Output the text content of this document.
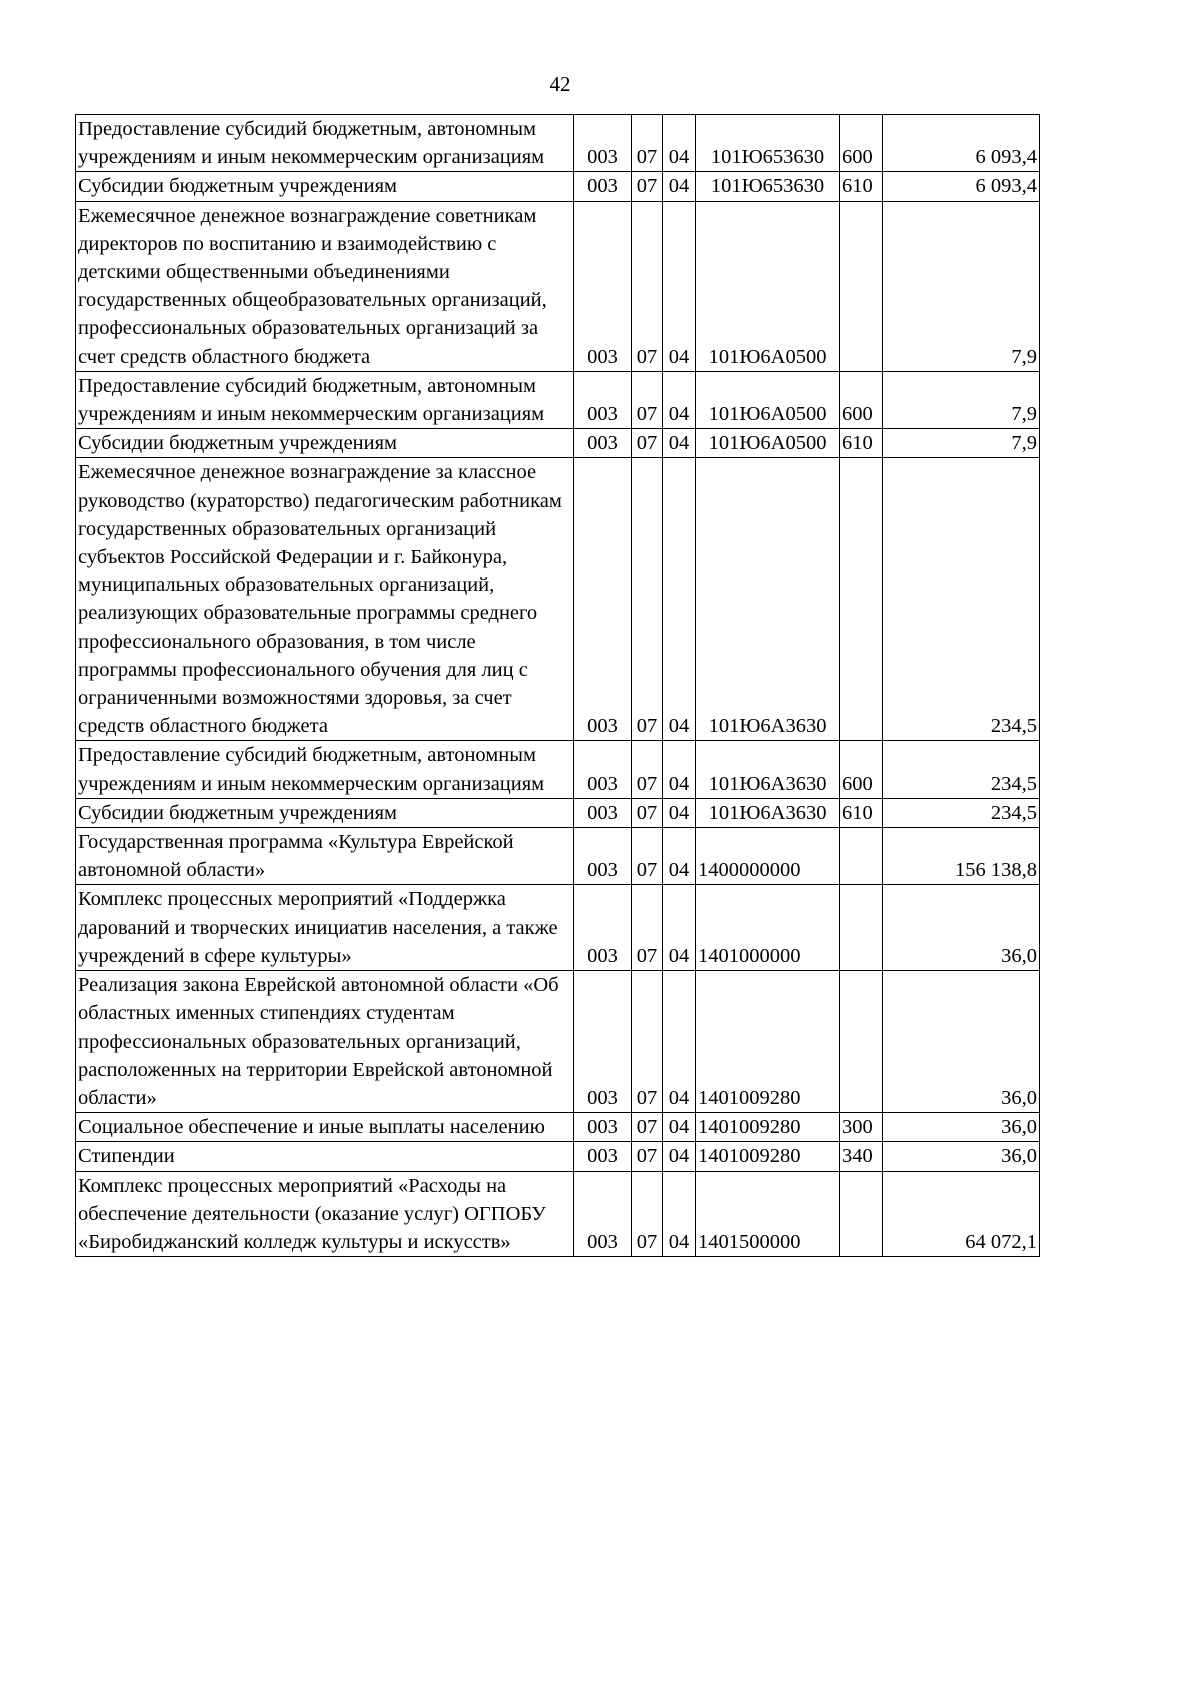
42
Предоставление субсидий бюджетным, автономным учреждениям и иным некоммерческим организациям	003	07	04	101Ю653630	600	6 093,4
Субсидии бюджетным учреждениям	003	07	04	101Ю653630	610	6 093,4
Ежемесячное денежное вознаграждение советникам директоров по воспитанию и взаимодействию с детскими общественными объединениями государственных общеобразовательных организаций, профессиональных образовательных организаций за счет средств областного бюджета	003	07	04	101Ю6А0500		7,9
Предоставление субсидий бюджетным, автономным учреждениям и иным некоммерческим организациям	003	07	04	101Ю6А0500	600	7,9
Субсидии бюджетным учреждениям	003	07	04	101Ю6А0500	610	7,9
Ежемесячное денежное вознаграждение за классное руководство (кураторство) педагогическим работникам государственных образовательных организаций субъектов Российской Федерации и г. Байконура, муниципальных образовательных организаций, реализующих образовательные программы среднего профессионального образования, в том числе программы профессионального обучения для лиц с ограниченными возможностями здоровья, за счет средств областного бюджета	003	07	04	101Ю6А3630		234,5
Предоставление субсидий бюджетным, автономным учреждениям и иным некоммерческим организациям	003	07	04	101Ю6А3630	600	234,5
Субсидии бюджетным учреждениям	003	07	04	101Ю6А3630	610	234,5
Государственная программа «Культура Еврейской автономной области»	003	07	04	1400000000		156 138,8
Комплекс процессных мероприятий «Поддержка дарований и творческих инициатив населения, а также учреждений в сфере культуры»	003	07	04	1401000000		36,0
Реализация закона Еврейской автономной области «Об областных именных стипендиях студентам профессиональных образовательных организаций, расположенных на территории Еврейской автономной области»	003	07	04	1401009280		36,0
Социальное обеспечение и иные выплаты населению	003	07	04	1401009280	300	36,0
Стипендии	003	07	04	1401009280	340	36,0
Комплекс процессных мероприятий «Расходы на обеспечение деятельности (оказание услуг) ОГПОБУ «Биробиджанский колледж культуры и искусств»	003	07	04	1401500000		64 072,1
